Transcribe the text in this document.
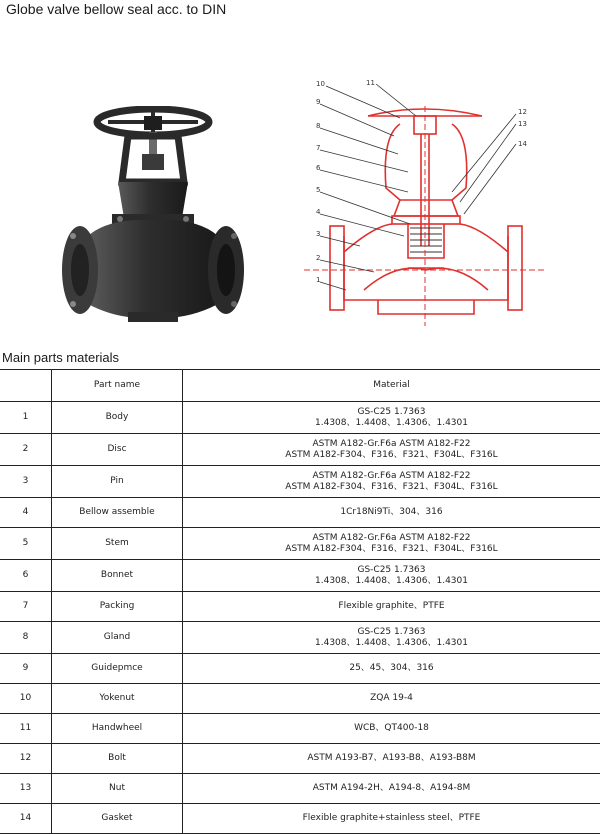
Globe valve bellow seal acc. to DIN
10	11
9
8
7
6
5
4
3
2
1
12
13
14
Main parts materials
	Part name	Material
1	Body	GS-C25 1.7363
1.4308、1.4408、1.4306、1.4301

2	Disc	ASTM A182-Gr.F6a ASTM A182-F22
ASTM A182-F304、F316、F321、F304L、F316L

3	Pin	ASTM A182-Gr.F6a ASTM A182-F22
ASTM A182-F304、F316、F321、F304L、F316L

4	Bellow assemble	1Cr18Ni9Ti、304、316

5	Stem	ASTM A182-Gr.F6a ASTM A182-F22
ASTM A182-F304、F316、F321、F304L、F316L

6	Bonnet	GS-C25 1.7363
1.4308、1.4408、1.4306、1.4301

7	Packing	Flexible graphite、PTFE

8	Gland	GS-C25 1.7363
1.4308、1.4408、1.4306、1.4301

9	Guidepmce	25、45、304、316

10	Yokenut	ZQA 19-4

11	Handwheel	WCB、QT400-18

12	Bolt	ASTM A193-B7、A193-B8、A193-B8M

13	Nut	ASTM A194-2H、A194-8、A194-8M

14	Gasket	Flexible graphite+stainless steel、PTFE
